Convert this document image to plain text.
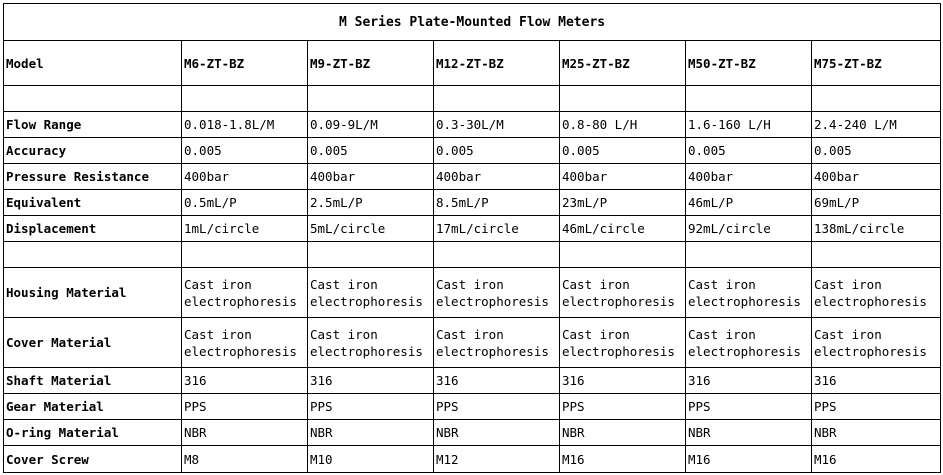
M Series Plate-Mounted Flow Meters						
Model	M6-ZT-BZ	M9-ZT-BZ	M12-ZT-BZ	M25-ZT-BZ	M50-ZT-BZ	M75-ZT-BZ

Flow Range	0.018-1.8L/M	0.09-9L/M	0.3-30L/M	0.8-80 L/H	1.6-160 L/H	2.4-240 L/M
Accuracy	0.005	0.005	0.005	0.005	0.005	0.005
Pressure Resistance	400bar	400bar	400bar	400bar	400bar	400bar
Equivalent	0.5mL/P	2.5mL/P	8.5mL/P	23mL/P	46mL/P	69mL/P
Displacement	1mL/circle	5mL/circle	17mL/circle	46mL/circle	92mL/circle	138mL/circle

Housing Material	Cast iron electrophoresis	Cast iron electrophoresis	Cast iron electrophoresis	Cast iron electrophoresis	Cast iron electrophoresis	Cast iron electrophoresis
Cover Material	Cast iron electrophoresis	Cast iron electrophoresis	Cast iron electrophoresis	Cast iron electrophoresis	Cast iron electrophoresis	Cast iron electrophoresis
Shaft Material	316	316	316	316	316	316
Gear Material	PPS	PPS	PPS	PPS	PPS	PPS
O-ring Material	NBR	NBR	NBR	NBR	NBR	NBR
Cover Screw	M8	M10	M12	M16	M16	M16
